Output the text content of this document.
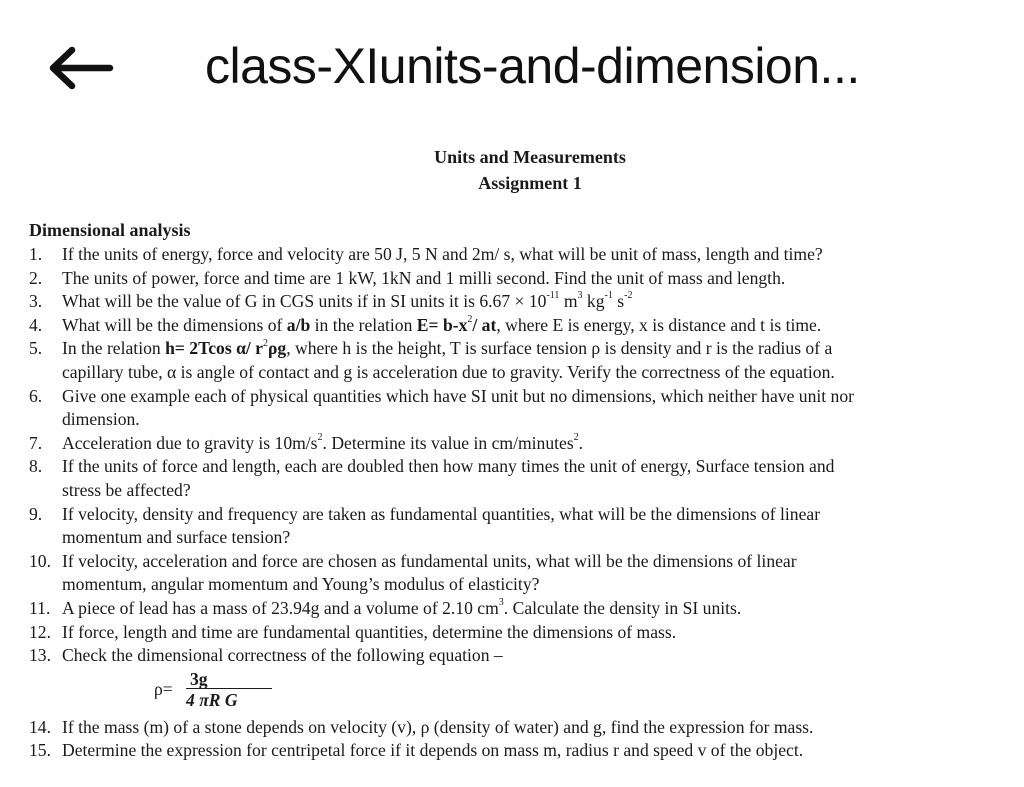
class-XIunits-and-dimension...
Units and Measurements
Assignment 1
Dimensional analysis
1. If the units of energy, force and velocity are 50 J, 5 N and 2m/ s, what will be unit of mass, length and time?
2. The units of power, force and time are 1 kW, 1kN and 1 milli second. Find the unit of mass and length.
3. What will be the value of G in CGS units if in SI units it is $6.67 \times 10^{-11}$ $m^3$ $kg^{-1}$ $s^{-2}$
4. What will be the dimensions of a/b in the relation $E= b-x^2/$ at, where E is energy, x is distance and t is time.
5. In the relation h= 2Tcos α/ $r^2\rho g$, where h is the height, T is surface tension ρ is density and r is the radius of a
capillary tube, α is angle of contact and g is acceleration due to gravity. Verify the correctness of the equation.
6. Give one example each of physical quantities which have SI unit but no dimensions, which neither have unit nor
dimension.
7. Acceleration due to gravity is $10m/s^2$. Determine its value in cm/minutes$^2$.
8. If the units of force and length, each are doubled then how many times the unit of energy, Surface tension and
stress be affected?
9. If velocity, density and frequency are taken as fundamental quantities, what will be the dimensions of linear
momentum and surface tension?
10. If velocity, acceleration and force are chosen as fundamental units, what will be the dimensions of linear
momentum, angular momentum and Young’s modulus of elasticity?
11. A piece of lead has a mass of 23.94g and a volume of 2.10 $cm^3$. Calculate the density in SI units.
12. If force, length and time are fundamental quantities, determine the dimensions of mass.
13. Check the dimensional correctness of the following equation –
ρ= 3g
4 πR G
14. If the mass (m) of a stone depends on velocity (v), ρ (density of water) and g, find the expression for mass.
15. Determine the expression for centripetal force if it depends on mass m, radius r and speed v of the object.
